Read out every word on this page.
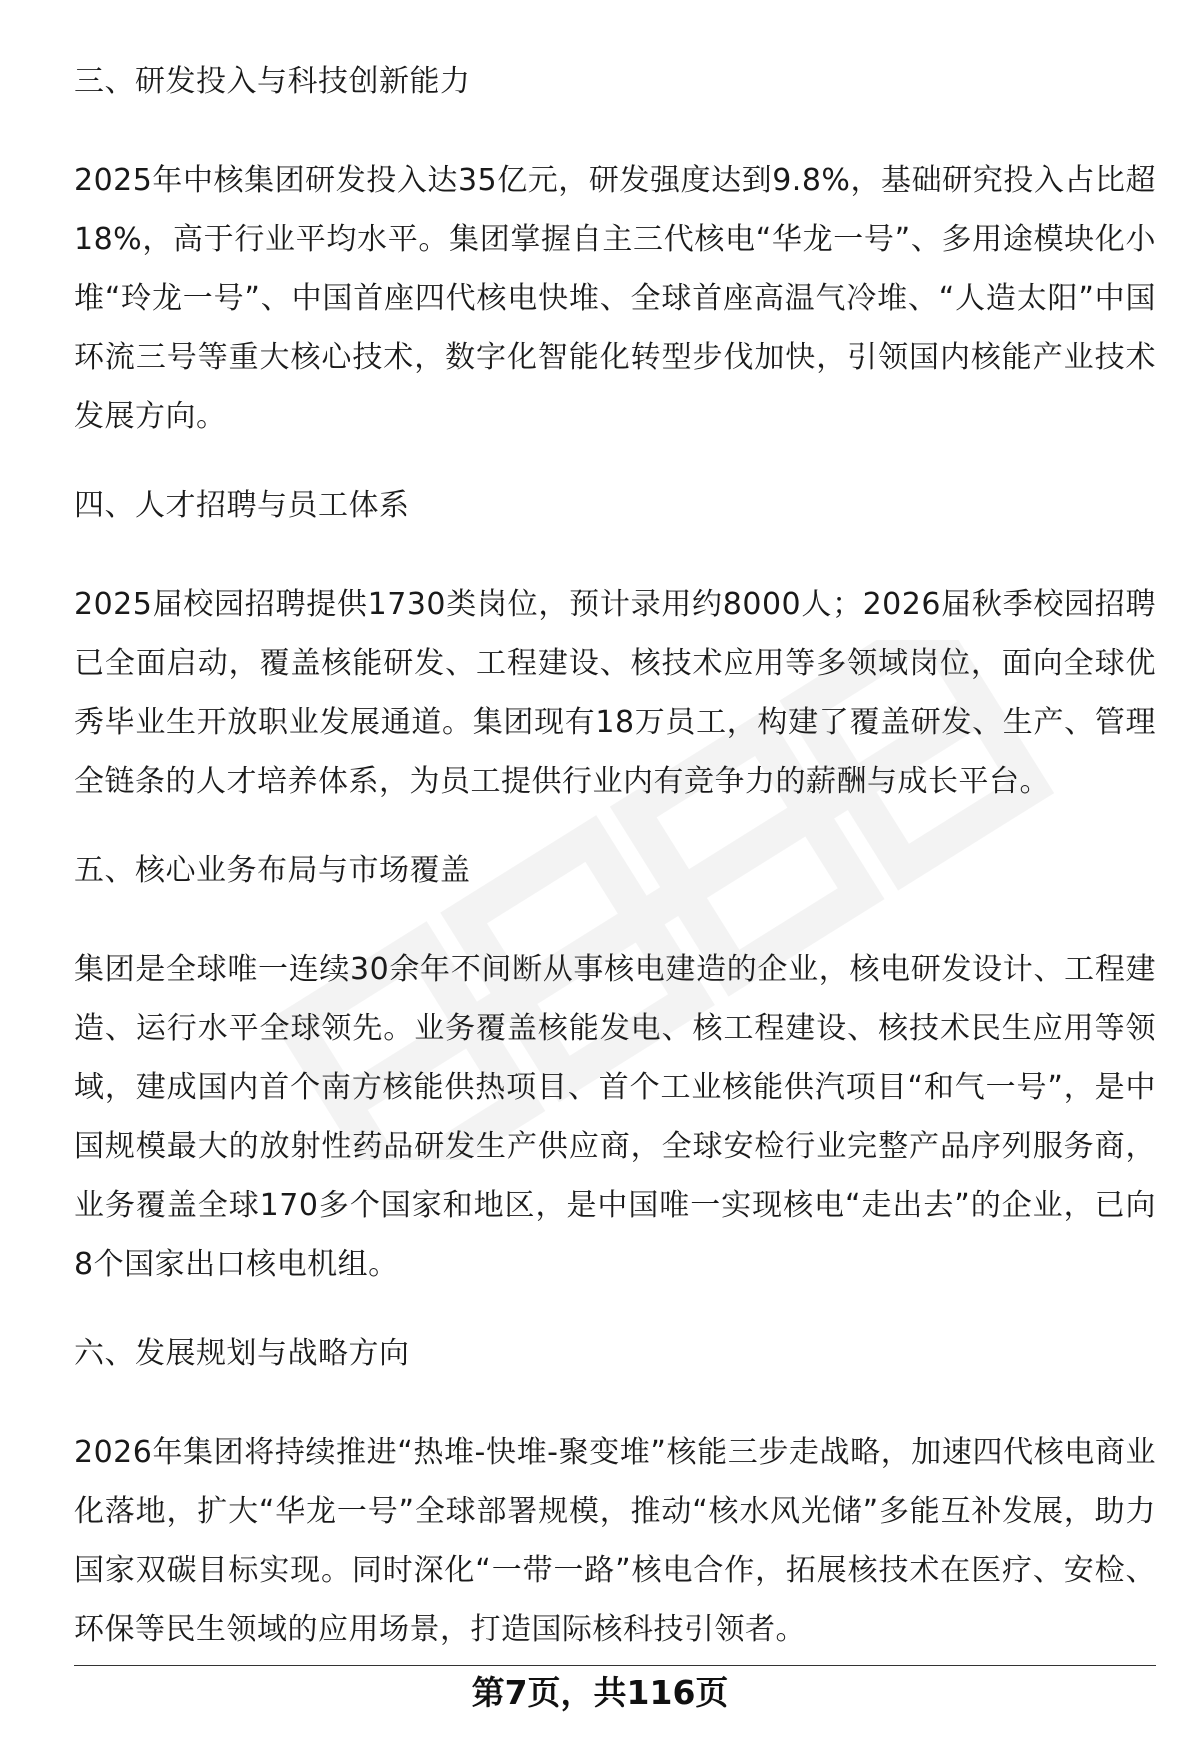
三、研发投入与科技创新能力

2025年中核集团研发投入达35亿元，研发强度达到9.8%，基础研究投入占比超18%，高于行业平均水平。集团掌握自主三代核电“华龙一号”、多用途模块化小堆“玲龙一号”、中国首座四代核电快堆、全球首座高温气冷堆、“人造太阳”中国环流三号等重大核心技术，数字化智能化转型步伐加快，引领国内核能产业技术发展方向。

四、人才招聘与员工体系

2025届校园招聘提供1730类岗位，预计录用约8000人；2026届秋季校园招聘已全面启动，覆盖核能研发、工程建设、核技术应用等多领域岗位，面向全球优秀毕业生开放职业发展通道。集团现有18万员工，构建了覆盖研发、生产、管理全链条的人才培养体系，为员工提供行业内有竞争力的薪酬与成长平台。

五、核心业务布局与市场覆盖

集团是全球唯一连续30余年不间断从事核电建造的企业，核电研发设计、工程建造、运行水平全球领先。业务覆盖核能发电、核工程建设、核技术民生应用等领域，建成国内首个南方核能供热项目、首个工业核能供汽项目“和气一号”，是中国规模最大的放射性药品研发生产供应商，全球安检行业完整产品序列服务商，业务覆盖全球170多个国家和地区，是中国唯一实现核电“走出去”的企业，已向8个国家出口核电机组。

六、发展规划与战略方向

2026年集团将持续推进“热堆-快堆-聚变堆”核能三步走战略，加速四代核电商业化落地，扩大“华龙一号”全球部署规模，推动“核水风光储”多能互补发展，助力国家双碳目标实现。同时深化“一带一路”核电合作，拓展核技术在医疗、安检、环保等民生领域的应用场景，打造国际核科技引领者。

第7页，共116页
